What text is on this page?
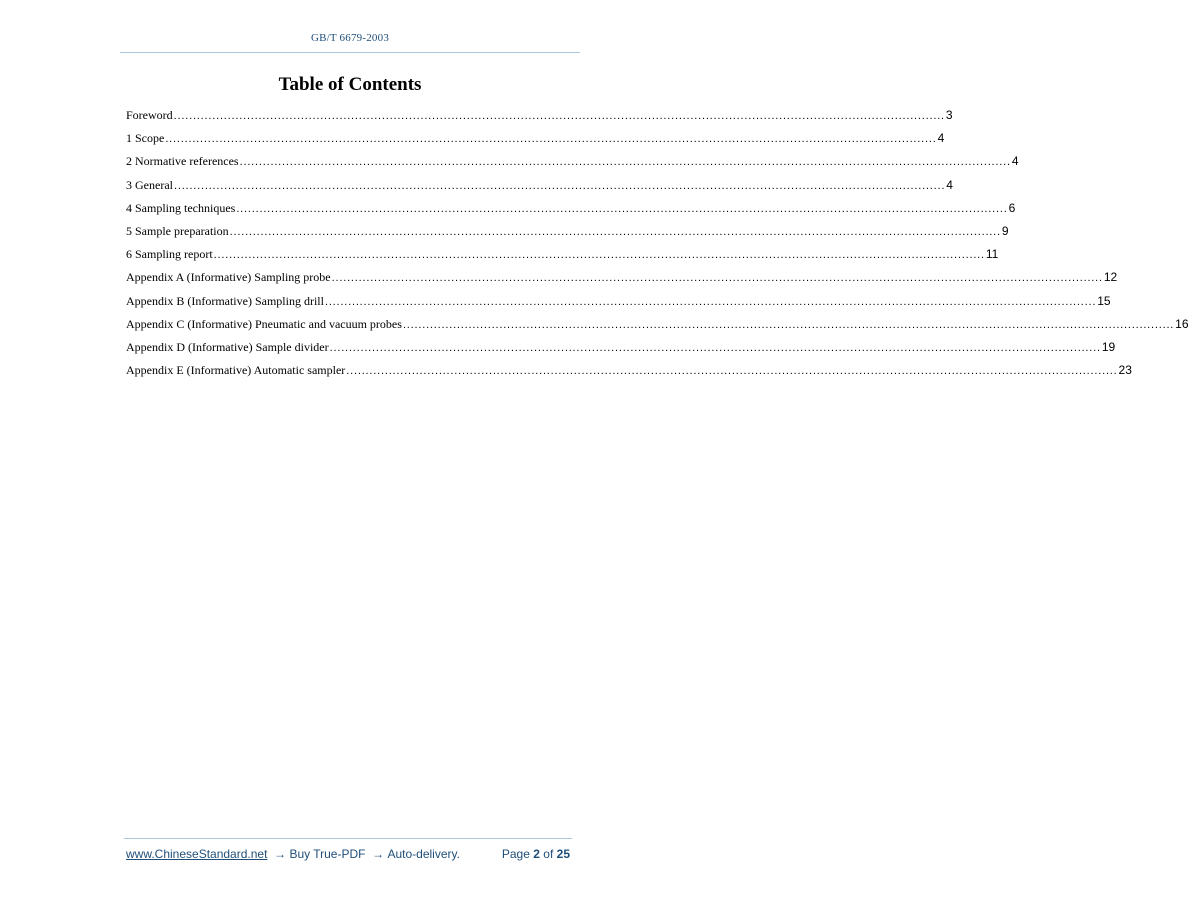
GB/T 6679-2003
Table of Contents
Foreword ........................................................................................................................................................................................................ 3
1 Scope ........................................................................................................................................................................................................ 4
2 Normative references ........................................................................................................................................................................................................ 4
3 General ........................................................................................................................................................................................................ 4
4 Sampling techniques ........................................................................................................................................................................................................ 6
5 Sample preparation ........................................................................................................................................................................................................ 9
6 Sampling report ........................................................................................................................................................................................................ 11
Appendix A (Informative) Sampling probe ........................................................................................................................................................................................................ 12
Appendix B (Informative) Sampling drill ........................................................................................................................................................................................................ 15
Appendix C (Informative) Pneumatic and vacuum probes ........................................................................................................................................................................................................ 16
Appendix D (Informative) Sample divider ........................................................................................................................................................................................................ 19
Appendix E (Informative) Automatic sampler ........................................................................................................................................................................................................ 23
www.ChineseStandard.net  → Buy True-PDF  → Auto-delivery.	Page 2 of 25
